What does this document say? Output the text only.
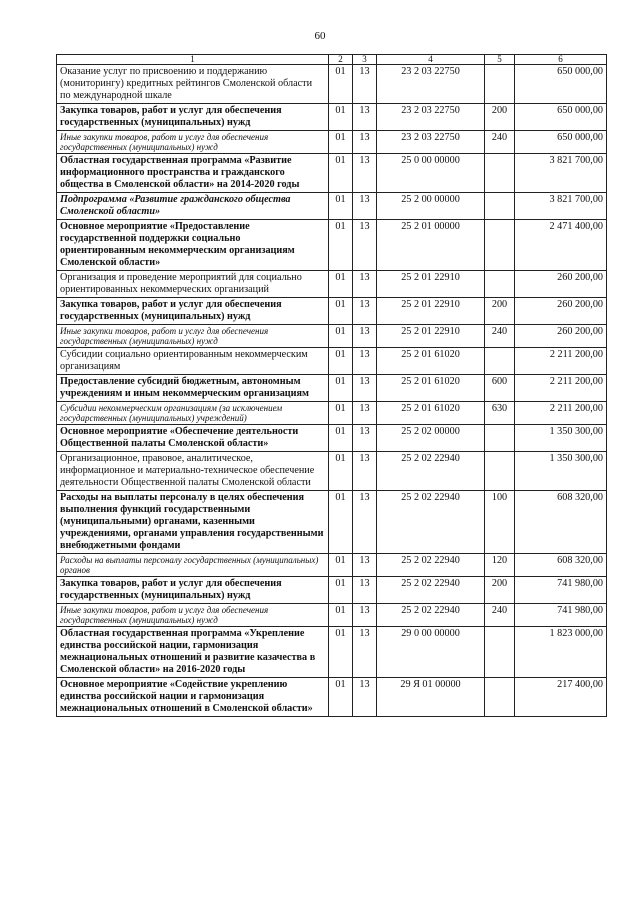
60
1	2	3	4	5	6
Оказание услуг по присвоению и поддержанию (мониторингу) кредитных рейтингов Смоленской области по международной шкале	01	13	23 2 03 22750		650 000,00
Закупка товаров, работ и услуг для обеспечения государственных (муниципальных) нужд	01	13	23 2 03 22750	200	650 000,00
Иные закупки товаров, работ и услуг для обеспечения государственных (муниципальных) нужд	01	13	23 2 03 22750	240	650 000,00
Областная государственная программа «Развитие информационного пространства и гражданского общества в Смоленской области» на 2014-2020 годы	01	13	25 0 00 00000		3 821 700,00
Подпрограмма «Развитие гражданского общества Смоленской области»	01	13	25 2 00 00000		3 821 700,00
Основное мероприятие «Предоставление государственной поддержки социально ориентированным некоммерческим организациям Смоленской области»	01	13	25 2 01 00000		2 471 400,00
Организация и проведение мероприятий для социально ориентированных некоммерческих организаций	01	13	25 2 01 22910		260 200,00
Закупка товаров, работ и услуг для обеспечения государственных (муниципальных) нужд	01	13	25 2 01 22910	200	260 200,00
Иные закупки товаров, работ и услуг для обеспечения государственных (муниципальных) нужд	01	13	25 2 01 22910	240	260 200,00
Субсидии социально ориентированным некоммерческим организациям	01	13	25 2 01 61020		2 211 200,00
Предоставление субсидий бюджетным, автономным учреждениям и иным некоммерческим организациям	01	13	25 2 01 61020	600	2 211 200,00
Субсидии некоммерческим организациям (за исключением государственных (муниципальных) учреждений)	01	13	25 2 01 61020	630	2 211 200,00
Основное мероприятие «Обеспечение деятельности Общественной палаты Смоленской области»	01	13	25 2 02 00000		1 350 300,00
Организационное, правовое, аналитическое, информационное и материально-техническое обеспечение деятельности Общественной палаты Смоленской области	01	13	25 2 02 22940		1 350 300,00
Расходы на выплаты персоналу в целях обеспечения выполнения функций государственными (муниципальными) органами, казенными учреждениями, органами управления государственными внебюджетными фондами	01	13	25 2 02 22940	100	608 320,00
Расходы на выплаты персоналу государственных (муниципальных) органов	01	13	25 2 02 22940	120	608 320,00
Закупка товаров, работ и услуг для обеспечения государственных (муниципальных) нужд	01	13	25 2 02 22940	200	741 980,00
Иные закупки товаров, работ и услуг для обеспечения государственных (муниципальных) нужд	01	13	25 2 02 22940	240	741 980,00
Областная государственная программа «Укрепление единства российской нации, гармонизация межнациональных отношений и развитие казачества в Смоленской области» на 2016-2020 годы	01	13	29 0 00 00000		1 823 000,00
Основное мероприятие «Содействие укреплению единства российской нации и гармонизация межнациональных отношений в Смоленской области»	01	13	29 Я 01 00000		217 400,00
